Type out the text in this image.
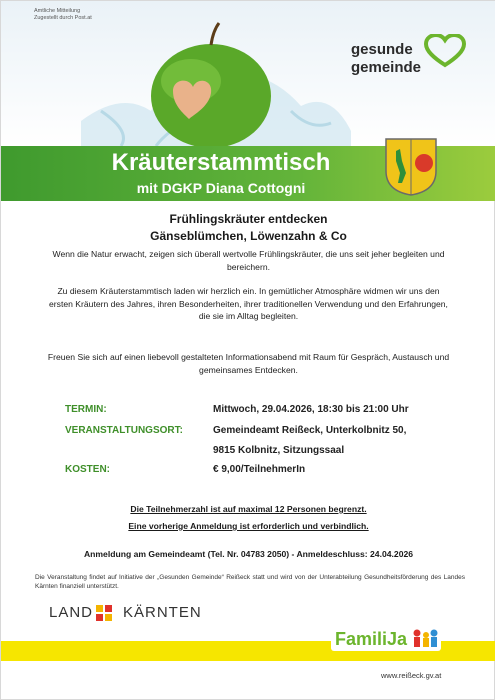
Amtliche Mitteilung
Zugestellt durch Post.at
gesunde
gemeinde
Kräuterstammtisch
mit DGKP Diana Cottogni
Frühlingskräuter entdecken
Gänseblümchen, Löwenzahn & Co
Wenn die Natur erwacht, zeigen sich überall wertvolle Frühlingskräuter, die uns seit jeher begleiten und bereichern.
Zu diesem Kräuterstammtisch laden wir herzlich ein. In gemütlicher Atmosphäre widmen wir uns den ersten Kräutern des Jahres, ihren Besonderheiten, ihrer traditionellen Verwendung und den Erfahrungen, die sie im Alltag begleiten.
Freuen Sie sich auf einen liebevoll gestalteten Informationsabend mit Raum für Gespräch, Austausch und gemeinsames Entdecken.
TERMIN:	Mittwoch, 29.04.2026, 18:30 bis 21:00 Uhr
VERANSTALTUNGSORT:	Gemeindeamt Reißeck, Unterkolbnitz 50,
9815 Kolbnitz, Sitzungssaal
KOSTEN:	€ 9,00/TeilnehmerIn
Die Teilnehmerzahl ist auf maximal 12 Personen begrenzt.
Eine vorherige Anmeldung ist erforderlich und verbindlich.
Anmeldung am Gemeindeamt (Tel. Nr. 04783 2050) - Anmeldeschluss: 24.04.2026
Die Veranstaltung findet auf Initiative der „Gesunden Gemeinde“ Reißeck statt und wird von der Unterabteilung Gesundheitsförderung des Landes Kärnten finanziell unterstützt.
LAND KÄRNTEN
FamiliJa
www.reißeck.gv.at
